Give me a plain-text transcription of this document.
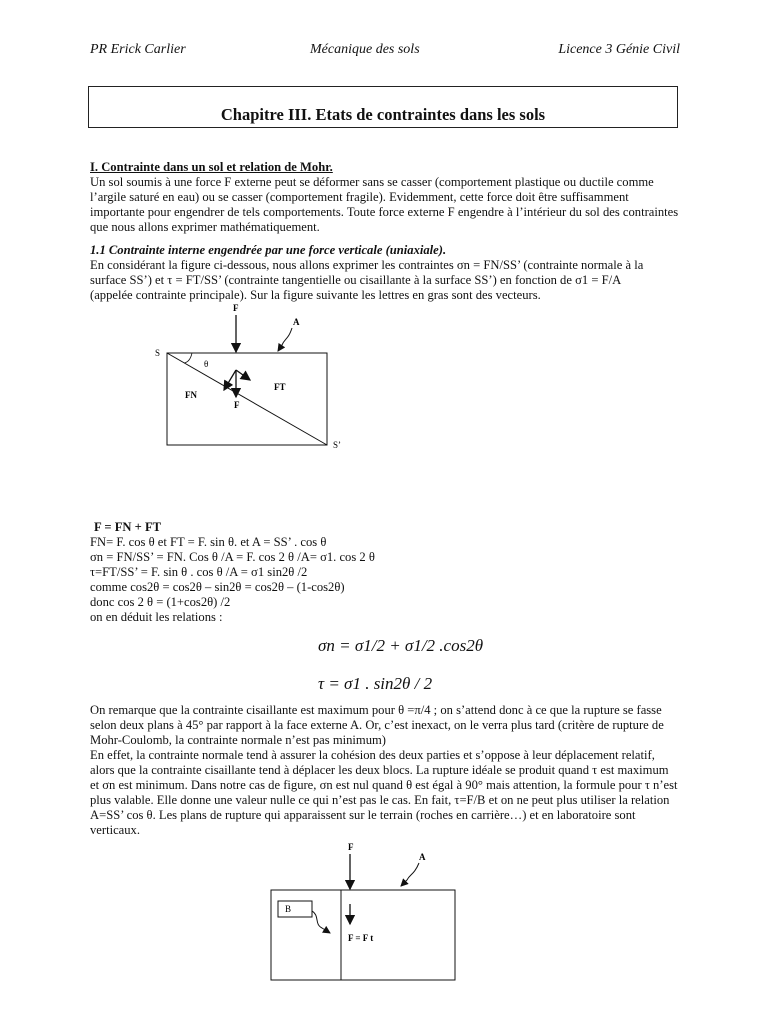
PR Erick Carlier	Mécanique des sols	Licence 3 Génie Civil
Chapitre III. Etats de contraintes dans les sols

I. Contrainte dans un sol et relation de Mohr.

Un sol soumis à une force F externe peut se déformer sans se casser (comportement plastique ou ductile comme l’argile saturé en eau) ou se casser (comportement fragile). Evidemment, cette force doit être suffisamment importante pour engendrer de tels comportements. Toute force externe F engendre à l’intérieur du sol des contraintes que nous allons exprimer mathématiquement.

1.1 Contrainte interne engendrée par une force verticale (uniaxiale).

En considérant la figure ci-dessous, nous allons exprimer les contraintes σn = FN/SS’ (contrainte normale à la

surface SS’) et τ = FT/SS’ (contrainte tangentielle ou cisaillante à la surface SS’) en fonction de σ1 = F/A

(appelée contrainte principale). Sur la figure suivante les lettres en gras sont des vecteurs.

F
A
S
θ
FT
FN
F
S’

F = FN + FT

FN= F. cos θ et FT = F. sin θ. et A = SS’ . cos θ

σn = FN/SS’ = FN. Cos θ /A = F. cos 2 θ /A= σ1. cos 2 θ

τ=FT/SS’ = F. sin θ . cos θ /A = σ1 sin2θ /2

comme cos2θ = cos2θ – sin2θ = cos2θ – (1-cos2θ)

donc cos 2 θ = (1+cos2θ) /2

on en déduit les relations :

σn = σ1/2 + σ1/2 .cos2θ
τ = σ1 . sin2θ / 2

On remarque que la contrainte cisaillante est maximum pour θ =π/4 ; on s’attend donc à ce que la rupture se fasse selon deux plans à 45° par rapport à la face externe A. Or, c’est inexact, on le verra plus tard (critère de rupture de Mohr-Coulomb, la contrainte normale n’est pas minimum)

En effet, la contrainte normale tend à assurer la cohésion des deux parties et s’oppose à leur déplacement relatif, alors que la contrainte cisaillante tend à déplacer les deux blocs. La rupture idéale se produit quand τ est maximum et σn est minimum. Dans notre cas de figure, σn est nul quand θ est égal à 90° mais attention, la formule pour τ n’est plus valable. Elle donne une valeur nulle ce qui n’est pas le cas. En fait, τ=F/B et on ne peut plus utiliser la relation A=SS’ cos θ. Les plans de rupture qui apparaissent sur le terrain (roches en carrière…) et en laboratoire sont verticaux.

F
A
B
F = F t
